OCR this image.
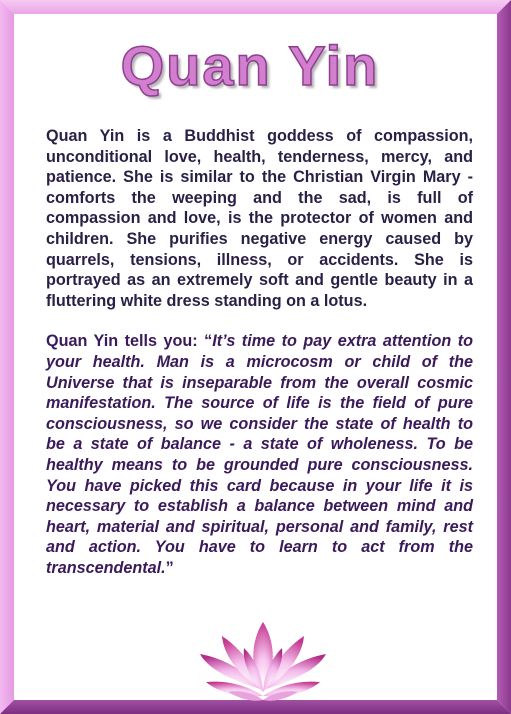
Quan Yin

Quan Yin is a Buddhist goddess of compassion, unconditional love, health, tenderness, mercy, and patience. She is similar to the Christian Virgin Mary - comforts the weeping and the sad, is full of compassion and love, is the protector of women and children. She purifies negative energy caused by quarrels, tensions, illness, or accidents. She is portrayed as an extremely soft and gentle beauty in a fluttering white dress standing on a lotus.

Quan Yin tells you: “It’s time to pay extra attention to your health. Man is a microcosm or child of the Universe that is inseparable from the overall cosmic manifestation. The source of life is the field of pure consciousness, so we consider the state of health to be a state of balance - a state of wholeness. To be healthy means to be grounded pure consciousness. You have picked this card because in your life it is necessary to establish a balance between mind and heart, material and spiritual, personal and family, rest and action. You have to learn to act from the transcendental.”
